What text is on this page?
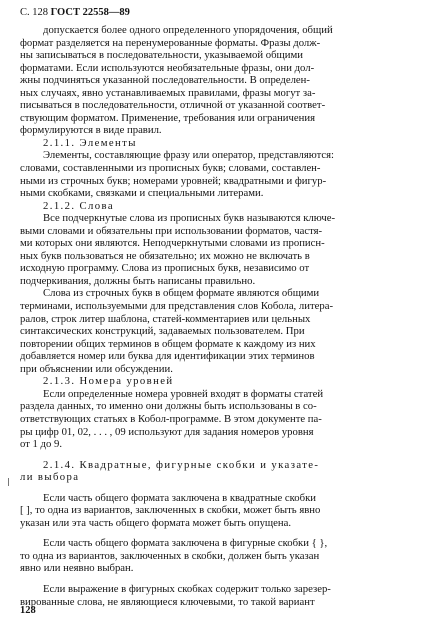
С. 128 ГОСТ 22558—89
допускается более одного определенного упорядочения, общий
формат разделяется на перенумерованные форматы. Фразы долж-
ны записываться в последовательности, указываемой общими
форматами. Если используются необязательные фразы, они дол-
жны подчиняться указанной последовательности. В определен-
ных случаях, явно устанавливаемых правилами, фразы могут за-
писываться в последовательности, отличной от указанной соответ-
ствующим форматом. Применение, требования или ограничения
формулируются в виде правил.
2.1.1. Элементы
Элементы, составляющие фразу или оператор, представляются:
словами, составленными из прописных букв; словами, составлен-
ными из строчных букв; номерами уровней; квадратными и фигур-
ными скобками, связками и специальными литерами.
2.1.2. Слова
Все подчеркнутые слова из прописных букв называются ключе-
выми словами и обязательны при использовании форматов, частя-
ми которых они являются. Неподчеркнутыми словами из прописн-
ных букв пользоваться не обязательно; их можно не включать в
исходную программу. Слова из прописных букв, независимо от
подчеркивания, должны быть написаны правильно.
Слова из строчных букв в общем формате являются общими
терминами, используемыми для представления слов Кобола, литера-
ралов, строк литер шаблона, статей-комментариев или цельных
синтаксических конструкций, задаваемых пользователем. При
повторении общих терминов в общем формате к каждому из них
добавляется номер или буква для идентификации этих терминов
при объяснении или обсуждении.
2.1.3. Номера уровней
Если определенные номера уровней входят в форматы статей
раздела данных, то именно они должны быть использованы в со-
ответствующих статьях в Кобол-программе. В этом документе па-
ры цифр 01, 02, . . . , 09 используют для задания номеров уровня
от 1 до 9.
2.1.4. Квадратные, фигурные скобки и указате-
ли выбора
Если часть общего формата заключена в квадратные скобки
[ ], то одна из вариантов, заключенных в скобки, может быть явно
указан или эта часть общего формата может быть опущена.
Если часть общего формата заключена в фигурные скобки { },
то одна из вариантов, заключенных в скобки, должен быть указан
явно или неявно выбран.
Если выражение в фигурных скобках содержит только зарезер-
вированные слова, не являющиеся ключевыми, то такой вариант
128
